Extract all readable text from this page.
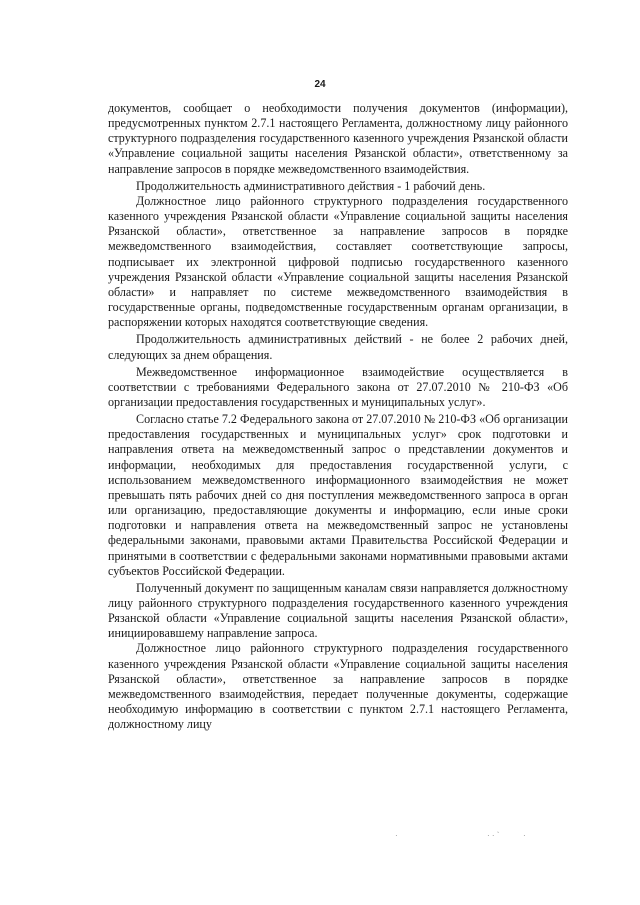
24

документов, сообщает о необходимости получения документов (информации), предусмотренных пунктом 2.7.1 настоящего Регламента, должностному лицу районного структурного подразделения государственного казенного учреждения Рязанской области «Управление социальной защиты населения Рязанской области», ответственному за направление запросов в порядке межведомственного взаимодействия.

Продолжительность административного действия - 1 рабочий день.

Должностное лицо районного структурного подразделения государственного казенного учреждения Рязанской области «Управление социальной защиты населения Рязанской области», ответственное за направление запросов в порядке межведомственного взаимодействия, составляет соответствующие запросы, подписывает их электронной цифровой подписью государственного казенного учреждения Рязанской области «Управление социальной защиты населения Рязанской области» и направляет по системе межведомственного взаимодействия в государственные органы, подведомственные государственным органам организации, в распоряжении которых находятся соответствующие сведения.

Продолжительность административных действий - не более 2 рабочих дней, следующих за днем обращения.

Межведомственное информационное взаимодействие осуществляется в соответствии с требованиями Федерального закона от 27.07.2010 № 210-ФЗ «Об организации предоставления государственных и муниципальных услуг».

Согласно статье 7.2 Федерального закона от 27.07.2010 № 210-ФЗ «Об организации предоставления государственных и муниципальных услуг» срок подготовки и направления ответа на межведомственный запрос о представлении документов и информации, необходимых для предоставления государственной услуги, с использованием межведомственного информационного взаимодействия не может превышать пять рабочих дней со дня поступления межведомственного запроса в орган или организацию, предоставляющие документы и информацию, если иные сроки подготовки и направления ответа на межведомственный запрос не установлены федеральными законами, правовыми актами Правительства Российской Федерации и принятыми в соответствии с федеральными законами нормативными правовыми актами субъектов Российской Федерации.

Полученный документ по защищенным каналам связи направляется должностному лицу районного структурного подразделения государственного казенного учреждения Рязанской области «Управление социальной защиты населения Рязанской области», инициировавшему направление запроса.

Должностное лицо районного структурного подразделения государственного казенного учреждения Рязанской области «Управление социальной защиты населения Рязанской области», ответственное за направление запросов в порядке межведомственного взаимодействия, передает полученные документы, содержащие необходимую информацию в соответствии с пунктом 2.7.1 настоящего Регламента, должностному лицу

·	· · ˋ	·
